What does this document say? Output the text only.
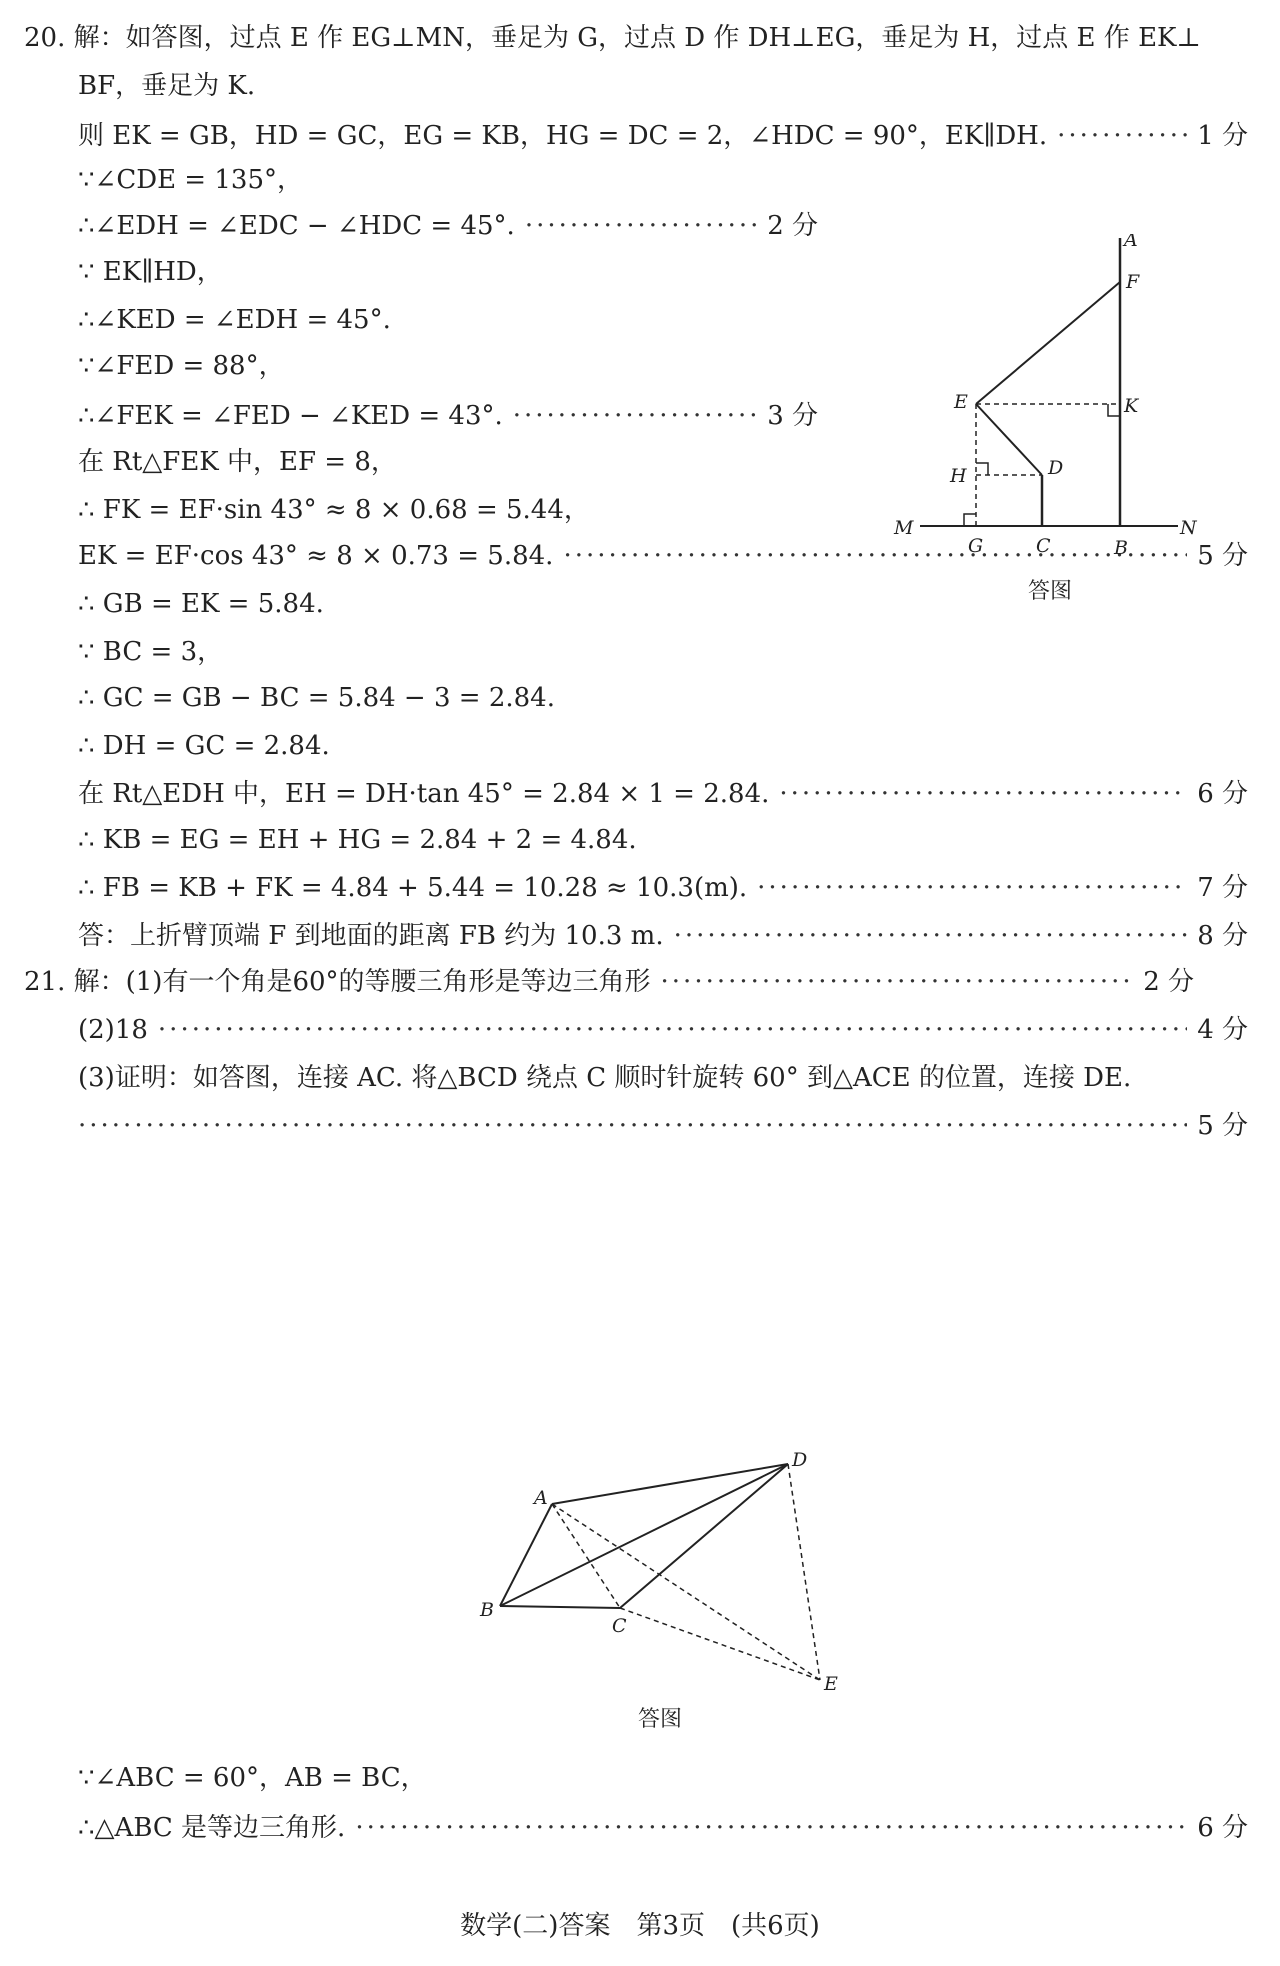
20. 解：如答图，过点 E 作 EG⊥MN，垂足为 G，过点 D 作 DH⊥EG，垂足为 H，过点 E 作 EK⊥
BF，垂足为 K.
则 EK = GB，HD = GC，EG = KB，HG = DC = 2，∠HDC = 90°，EK∥DH. ·····	1 分
∵∠CDE = 135°，
∴∠EDH = ∠EDC − ∠HDC = 45°. ·····	2 分
∵ EK∥HD，
∴∠KED = ∠EDH = 45°.
∵∠FED = 88°，
∴∠FEK = ∠FED − ∠KED = 43°. ·····	3 分
在 Rt△FEK 中，EF = 8，
∴ FK = EF·sin 43° ≈ 8 × 0.68 = 5.44，
EK = EF·cos 43° ≈ 8 × 0.73 = 5.84. ·····	5 分
∴ GB = EK = 5.84.
∵ BC = 3，
∴ GC = GB − BC = 5.84 − 3 = 2.84.
∴ DH = GC = 2.84.
在 Rt△EDH 中，EH = DH·tan 45° = 2.84 × 1 = 2.84. ·····	6 分
∴ KB = EG = EH + HG = 2.84 + 2 = 4.84.
∴ FB = KB + FK = 4.84 + 5.44 = 10.28 ≈ 10.3(m). ·····	7 分
答：上折臂顶端 F 到地面的距离 FB 约为 10.3 m. ·····	8 分
21. 解：(1)有一个角是60°的等腰三角形是等边三角形 ·····	2 分
(2)18 ·····	4 分
(3)证明：如答图，连接 AC. 将△BCD 绕点 C 顺时针旋转 60° 到△ACE 的位置，连接 DE.
·····
5 分
∵∠ABC = 60°，AB = BC，
∴△ABC 是等边三角形. ·····	6 分
A
F
E	K
H	D
M
G	C	B
N
答图
A
B
C
D
E
答图
数学(二)答案　第3页　(共6页)
